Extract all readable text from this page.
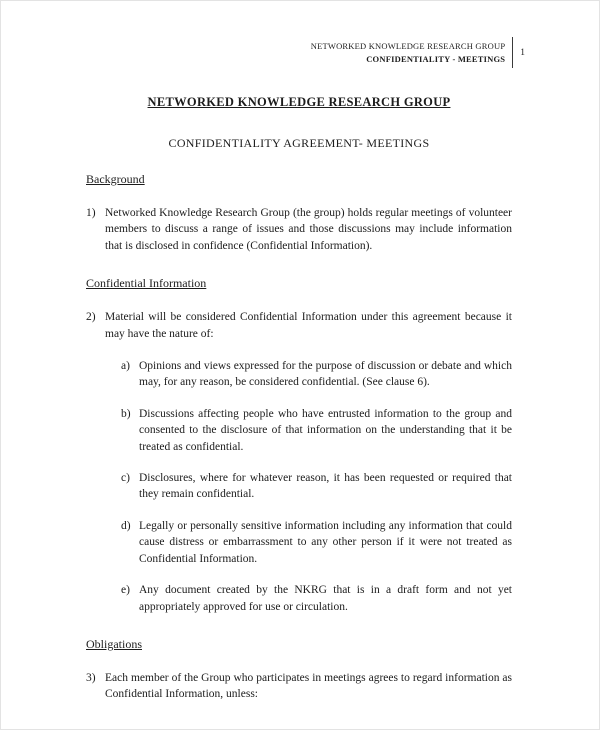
NETWORKED KNOWLEDGE RESEARCH GROUP
CONFIDENTIALITY - MEETINGS
1
NETWORKED KNOWLEDGE RESEARCH GROUP
CONFIDENTIALITY AGREEMENT- MEETINGS
Background
1) Networked Knowledge Research Group (the group) holds regular meetings of volunteer members to discuss a range of issues and those discussions may include information that is disclosed in confidence (Confidential Information).
Confidential Information
2) Material will be considered Confidential Information under this agreement because it may have the nature of:
a) Opinions and views expressed for the purpose of discussion or debate and which may, for any reason, be considered confidential. (See clause 6).
b) Discussions affecting people who have entrusted information to the group and consented to the disclosure of that information on the understanding that it be treated as confidential.
c) Disclosures, where for whatever reason, it has been requested or required that they remain confidential.
d) Legally or personally sensitive information including any information that could cause distress or embarrassment to any other person if it were not treated as Confidential Information.
e) Any document created by the NKRG that is in a draft form and not yet appropriately approved for use or circulation.
Obligations
3) Each member of the Group who participates in meetings agrees to regard information as Confidential Information, unless:
